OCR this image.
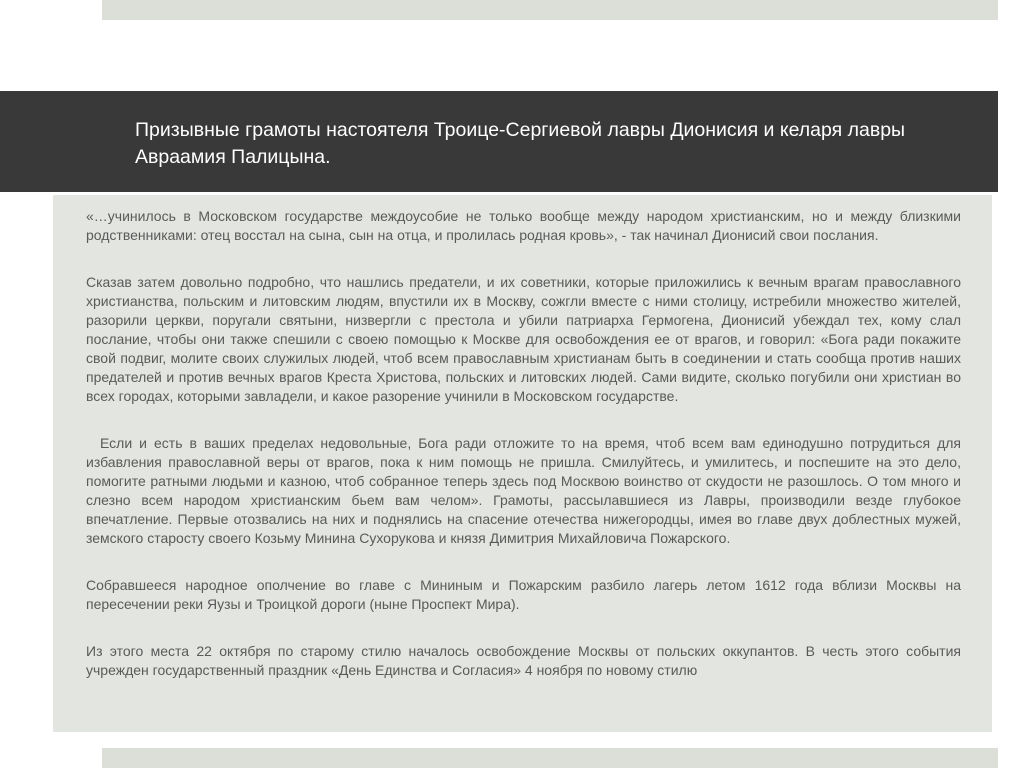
Призывные грамоты настоятеля Троице-Сергиевой лавры Дионисия и келаря лавры Авраамия Палицына.

«…учинилось в Московском государстве междоусобие не только вообще между народом христианским, но и между близкими родственниками: отец восстал на сына, сын на отца, и пролилась родная кровь», - так начинал Дионисий свои послания.

Сказав затем довольно подробно, что нашлись предатели, и их советники, которые приложились к вечным врагам православного христианства, польским и литовским людям, впустили их в Москву, сожгли вместе с ними столицу, истребили множество жителей, разорили церкви, поругали святыни, низвергли с престола и убили патриарха Гермогена, Дионисий убеждал тех, кому слал послание, чтобы они также спешили с своею помощью к Москве для освобождения ее от врагов, и говорил: «Бога ради покажите свой подвиг, молите своих служилых людей, чтоб всем православным христианам быть в соединении и стать сообща против наших предателей и против вечных врагов Креста Христова, польских и литовских людей. Сами видите, сколько погубили они христиан во всех городах, которыми завладели, и какое разорение учинили в Московском государстве.

Если и есть в ваших пределах недовольные, Бога ради отложите то на время, чтоб всем вам единодушно потрудиться для избавления православной веры от врагов, пока к ним помощь не пришла. Смилуйтесь, и умилитесь, и поспешите на это дело, помогите ратными людьми и казною, чтоб собранное теперь здесь под Москвою воинство от скудости не разошлось. О том много и слезно всем народом христианским бьем вам челом». Грамоты, рассылавшиеся из Лавры, производили везде глубокое впечатление. Первые отозвались на них и поднялись на спасение отечества нижегородцы, имея во главе двух доблестных мужей, земского старосту своего Козьму Минина Сухорукова и князя Димитрия Михайловича Пожарского.

Собравшееся народное ополчение во главе с Мининым и Пожарским разбило лагерь летом 1612 года вблизи Москвы на пересечении реки Яузы и Троицкой дороги (ныне Проспект Мира).

Из этого места 22 октября по старому стилю началось освобождение Москвы от польских оккупантов. В честь этого события учрежден государственный праздник «День Единства и Согласия» 4 ноября по новому стилю
